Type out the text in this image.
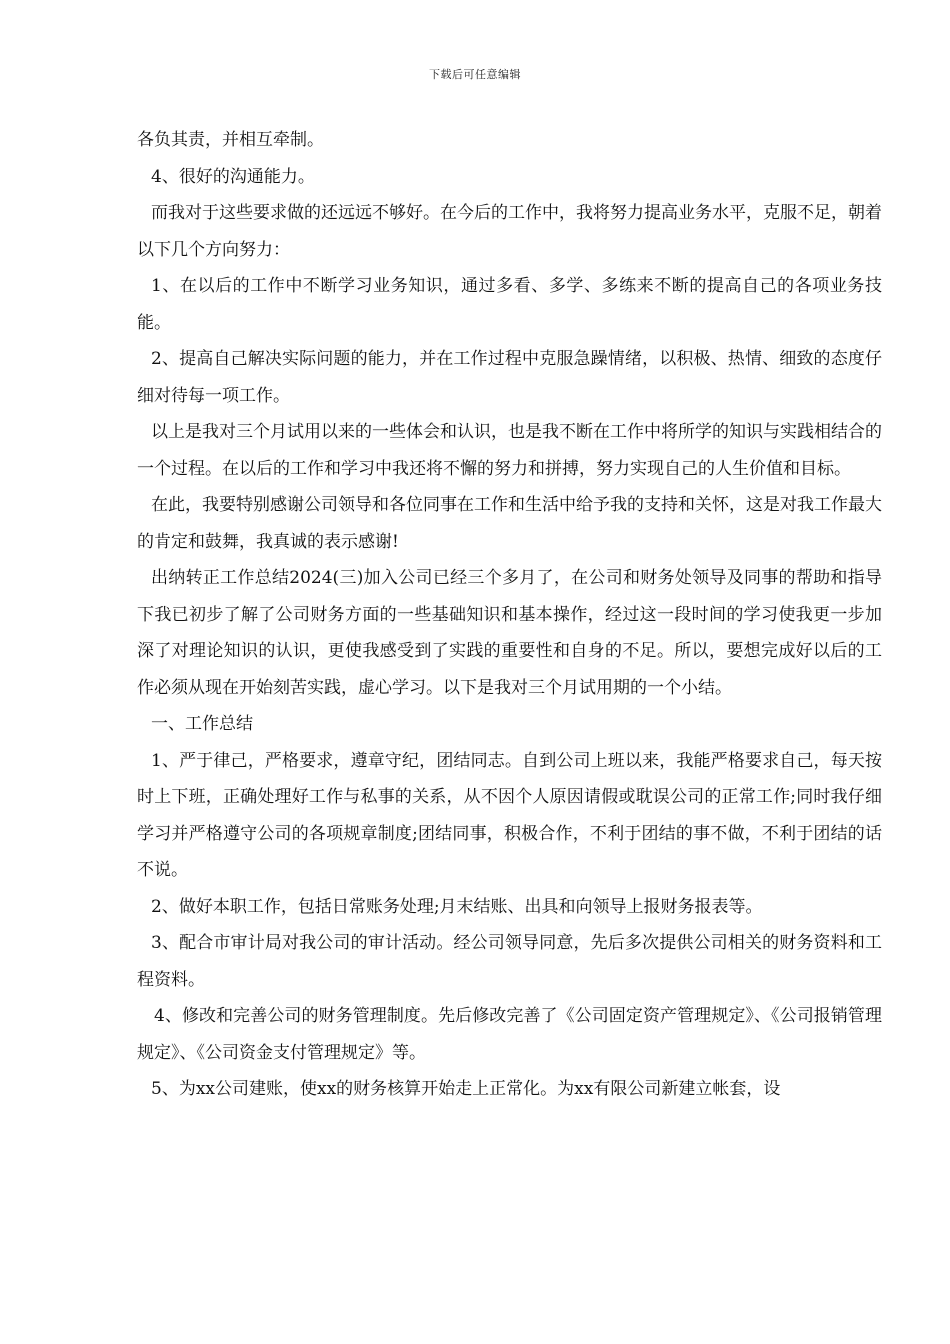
下载后可任意编辑

各负其责，并相互牵制。

4、很好的沟通能力。

而我对于这些要求做的还远远不够好。在今后的工作中，我将努力提高业务水平，克服不足，朝着以下几个方向努力：

1、在以后的工作中不断学习业务知识，通过多看、多学、多练来不断的提高自己的各项业务技能。

2、提高自己解决实际问题的能力，并在工作过程中克服急躁情绪，以积极、热情、细致的态度仔细对待每一项工作。

以上是我对三个月试用以来的一些体会和认识，也是我不断在工作中将所学的知识与实践相结合的一个过程。在以后的工作和学习中我还将不懈的努力和拼搏，努力实现自己的人生价值和目标。

在此，我要特别感谢公司领导和各位同事在工作和生活中给予我的支持和关怀，这是对我工作最大的肯定和鼓舞，我真诚的表示感谢!

出纳转正工作总结2024(三)加入公司已经三个多月了，在公司和财务处领导及同事的帮助和指导下我已初步了解了公司财务方面的一些基础知识和基本操作，经过这一段时间的学习使我更一步加深了对理论知识的认识，更使我感受到了实践的重要性和自身的不足。所以，要想完成好以后的工作必须从现在开始刻苦实践，虚心学习。以下是我对三个月试用期的一个小结。

一、工作总结

1、严于律己，严格要求，遵章守纪，团结同志。自到公司上班以来，我能严格要求自己，每天按时上下班，正确处理好工作与私事的关系，从不因个人原因请假或耽误公司的正常工作;同时我仔细学习并严格遵守公司的各项规章制度;团结同事，积极合作，不利于团结的事不做，不利于团结的话不说。

2、做好本职工作，包括日常账务处理;月末结账、出具和向领导上报财务报表等。

3、配合市审计局对我公司的审计活动。经公司领导同意，先后多次提供公司相关的财务资料和工程资料。

4、修改和完善公司的财务管理制度。先后修改完善了《公司固定资产管理规定》、《公司报销管理规定》、《公司资金支付管理规定》等。

5、为xx公司建账，使xx的财务核算开始走上正常化。为xx有限公司新建立帐套，设
